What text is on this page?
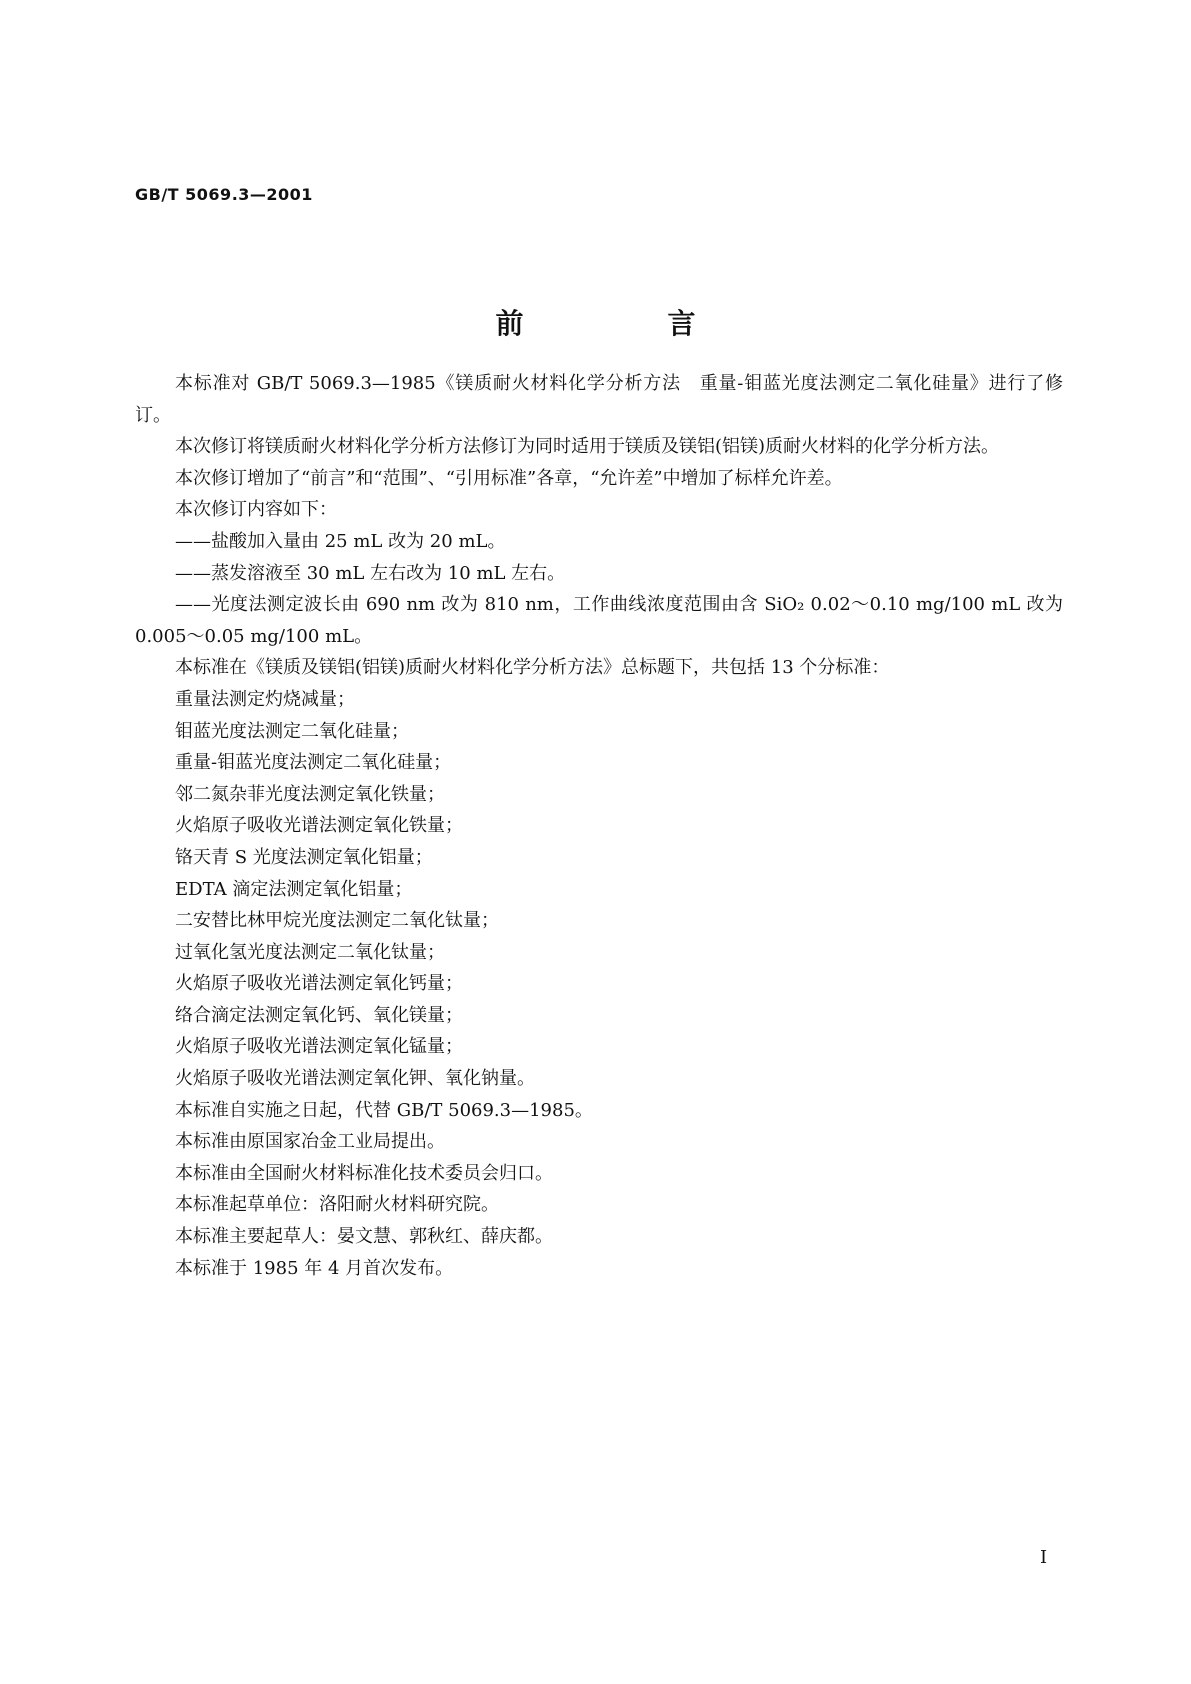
GB/T 5069.3—2001
前　言

本标准对 GB/T 5069.3—1985《镁质耐火材料化学分析方法　重量-钼蓝光度法测定二氧化硅量》进行了修订。

本次修订将镁质耐火材料化学分析方法修订为同时适用于镁质及镁铝(铝镁)质耐火材料的化学分析方法。

本次修订增加了“前言”和“范围”、“引用标准”各章，“允许差”中增加了标样允许差。

本次修订内容如下：

——盐酸加入量由 25 mL 改为 20 mL。

——蒸发溶液至 30 mL 左右改为 10 mL 左右。

——光度法测定波长由 690 nm 改为 810 nm，工作曲线浓度范围由含 SiO₂ 0.02～0.10 mg/100 mL 改为 0.005～0.05 mg/100 mL。

本标准在《镁质及镁铝(铝镁)质耐火材料化学分析方法》总标题下，共包括 13 个分标准：

重量法测定灼烧减量；

钼蓝光度法测定二氧化硅量；

重量-钼蓝光度法测定二氧化硅量；

邻二氮杂菲光度法测定氧化铁量；

火焰原子吸收光谱法测定氧化铁量；

铬天青 S 光度法测定氧化铝量；

EDTA 滴定法测定氧化铝量；

二安替比林甲烷光度法测定二氧化钛量；

过氧化氢光度法测定二氧化钛量；

火焰原子吸收光谱法测定氧化钙量；

络合滴定法测定氧化钙、氧化镁量；

火焰原子吸收光谱法测定氧化锰量；

火焰原子吸收光谱法测定氧化钾、氧化钠量。

本标准自实施之日起，代替 GB/T 5069.3—1985。

本标准由原国家冶金工业局提出。

本标准由全国耐火材料标准化技术委员会归口。

本标准起草单位：洛阳耐火材料研究院。

本标准主要起草人：晏文慧、郭秋红、薛庆都。

本标准于 1985 年 4 月首次发布。

I
